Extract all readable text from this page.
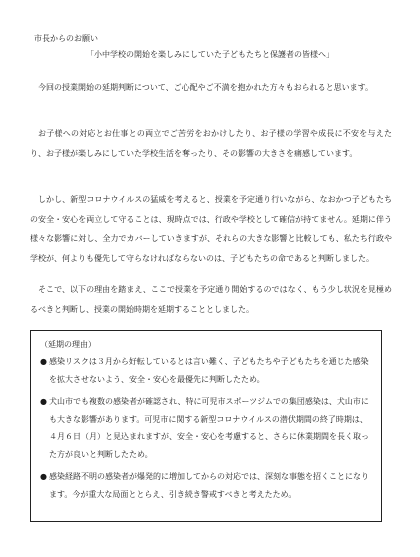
市長からのお願い
「小中学校の開始を楽しみにしていた子どもたちと保護者の皆様へ」

今回の授業開始の延期判断について、ご心配やご不満を抱かれた方々もおられると思います。

お子様への対応とお仕事との両立でご苦労をおかけしたり、お子様の学習や成長に不安を与えたり、お子様が楽しみにしていた学校生活を奪ったり、その影響の大きさを痛感しています。

しかし、新型コロナウイルスの猛威を考えると、授業を予定通り行いながら、なおかつ子どもたちの安全・安心を両立して守ることは、現時点では、行政や学校として確信が持てません。延期に伴う様々な影響に対し、全力でカバーしていきますが、それらの大きな影響と比較しても、私たち行政や学校が、何よりも優先して守らなければならないのは、子どもたちの命であると判断しました。

そこで、以下の理由を踏まえ、ここで授業を予定通り開始するのではなく、もう少し状況を見極めるべきと判断し、授業の開始時期を延期することとしました。

（延期の理由）
● 感染リスクは３月から好転しているとは言い難く、子どもたちや子どもたちを通じた感染を拡大させないよう、安全・安心を最優先に判断したため。
● 犬山市でも複数の感染者が確認され、特に可児市スポーツジムでの集団感染は、犬山市にも大きな影響があります。可児市に関する新型コロナウイルスの潜伏期間の終了時期は、４月６日（月）と見込まれますが、安全・安心を考慮すると、さらに休業期間を長く取った方が良いと判断したため。
● 感染経路不明の感染者が爆発的に増加してからの対応では、深刻な事態を招くことになります。今が重大な局面ととらえ、引き続き警戒すべきと考えたため。
